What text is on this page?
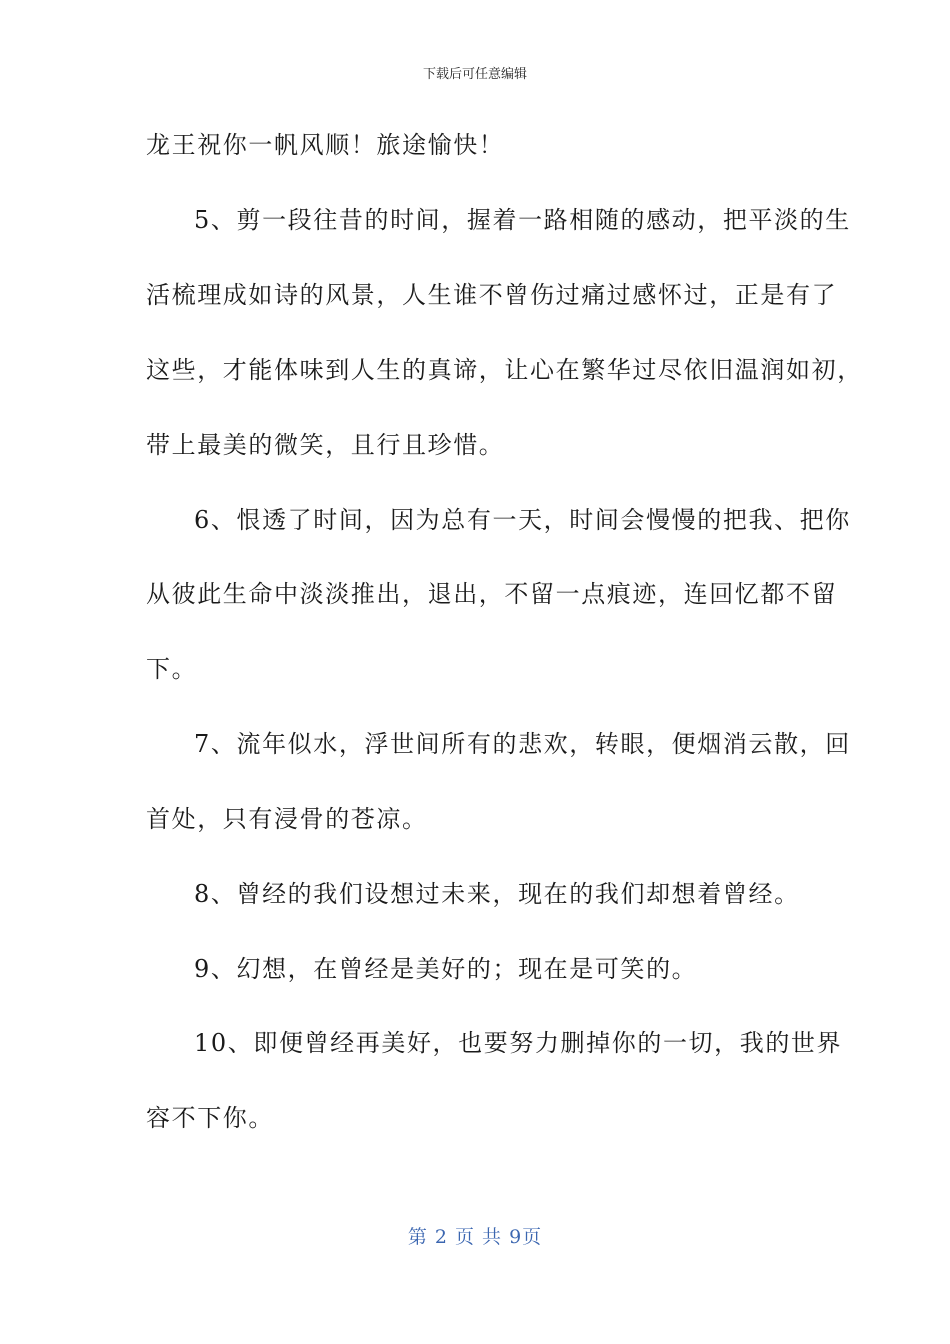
下载后可任意编辑
龙王祝你一帆风顺！旅途愉快！
5、剪一段往昔的时间，握着一路相随的感动，把平淡的生
活梳理成如诗的风景，人生谁不曾伤过痛过感怀过，正是有了
这些，才能体味到人生的真谛，让心在繁华过尽依旧温润如初，
带上最美的微笑，且行且珍惜。
6、恨透了时间，因为总有一天，时间会慢慢的把我、把你
从彼此生命中淡淡推出，退出，不留一点痕迹，连回忆都不留
下。
7、流年似水，浮世间所有的悲欢，转眼，便烟消云散，回
首处，只有浸骨的苍凉。
8、曾经的我们设想过未来，现在的我们却想着曾经。
9、幻想，在曾经是美好的；现在是可笑的。
10、即便曾经再美好，也要努力删掉你的一切，我的世界
容不下你。
第 2 页 共 9页
